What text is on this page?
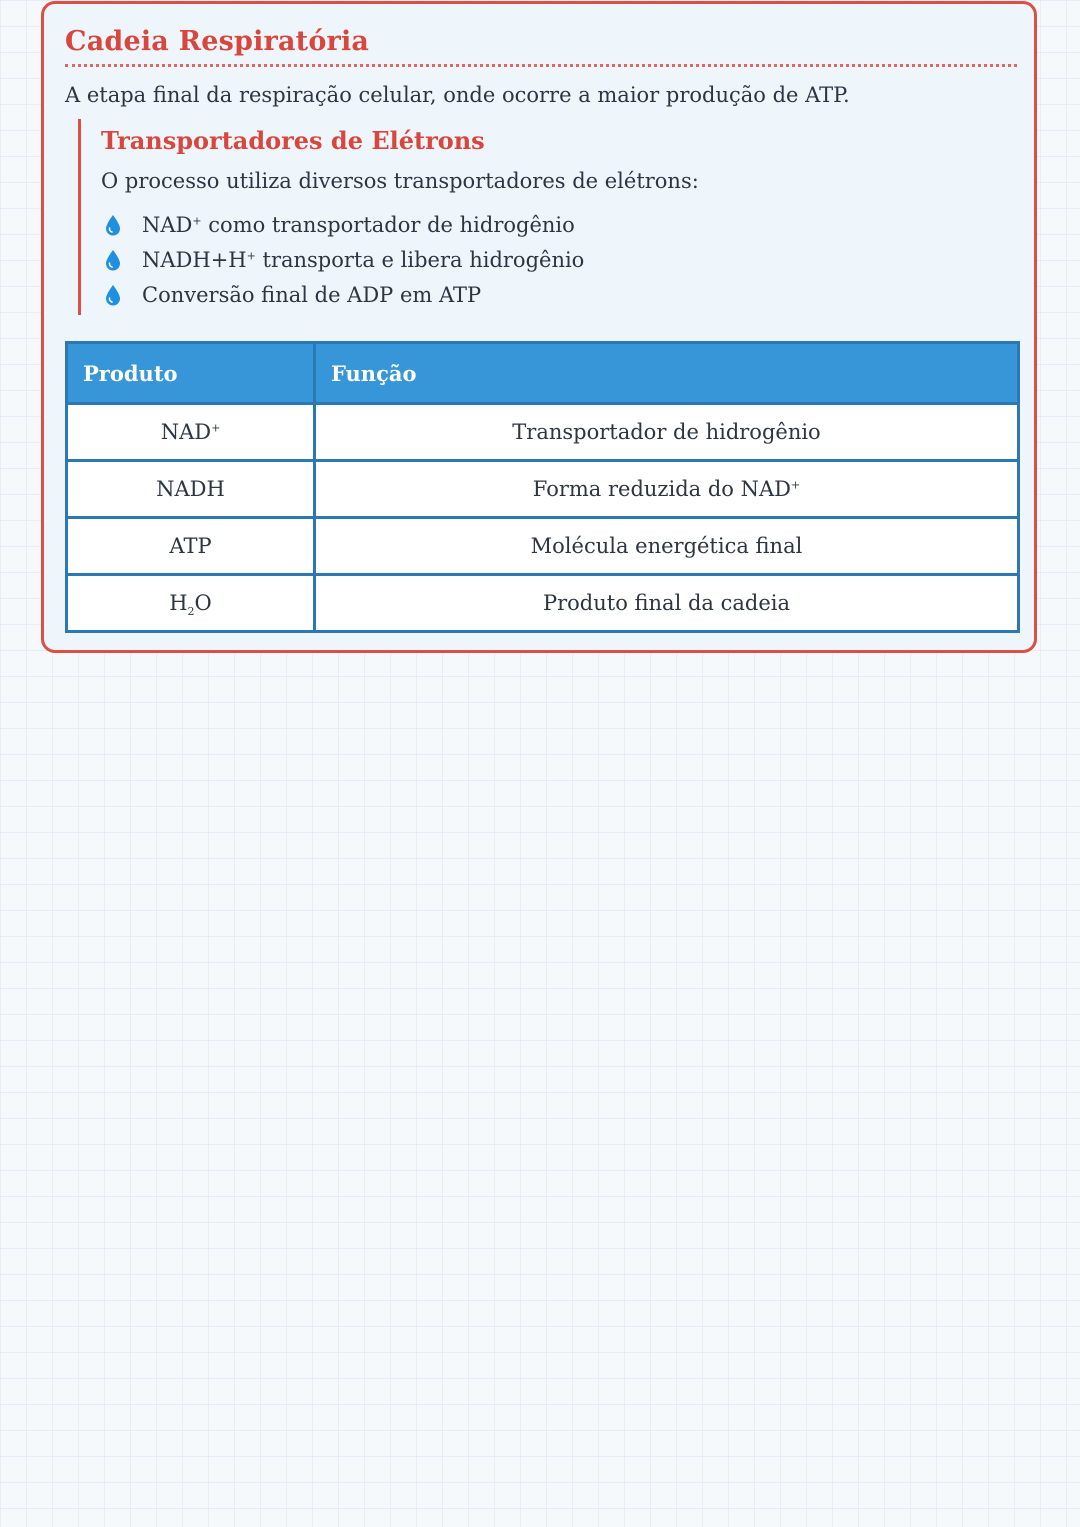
Cadeia Respiratória
A etapa final da respiração celular, onde ocorre a maior produção de ATP.
Transportadores de Elétrons
O processo utiliza diversos transportadores de elétrons:
NAD+ como transportador de hidrogênio
NADH+H+ transporta e libera hidrogênio
Conversão final de ADP em ATP
Produto	Função
NAD+	Transportador de hidrogênio
NADH	Forma reduzida do NAD+
ATP	Molécula energética final
$H_2O$	Produto final da cadeia
